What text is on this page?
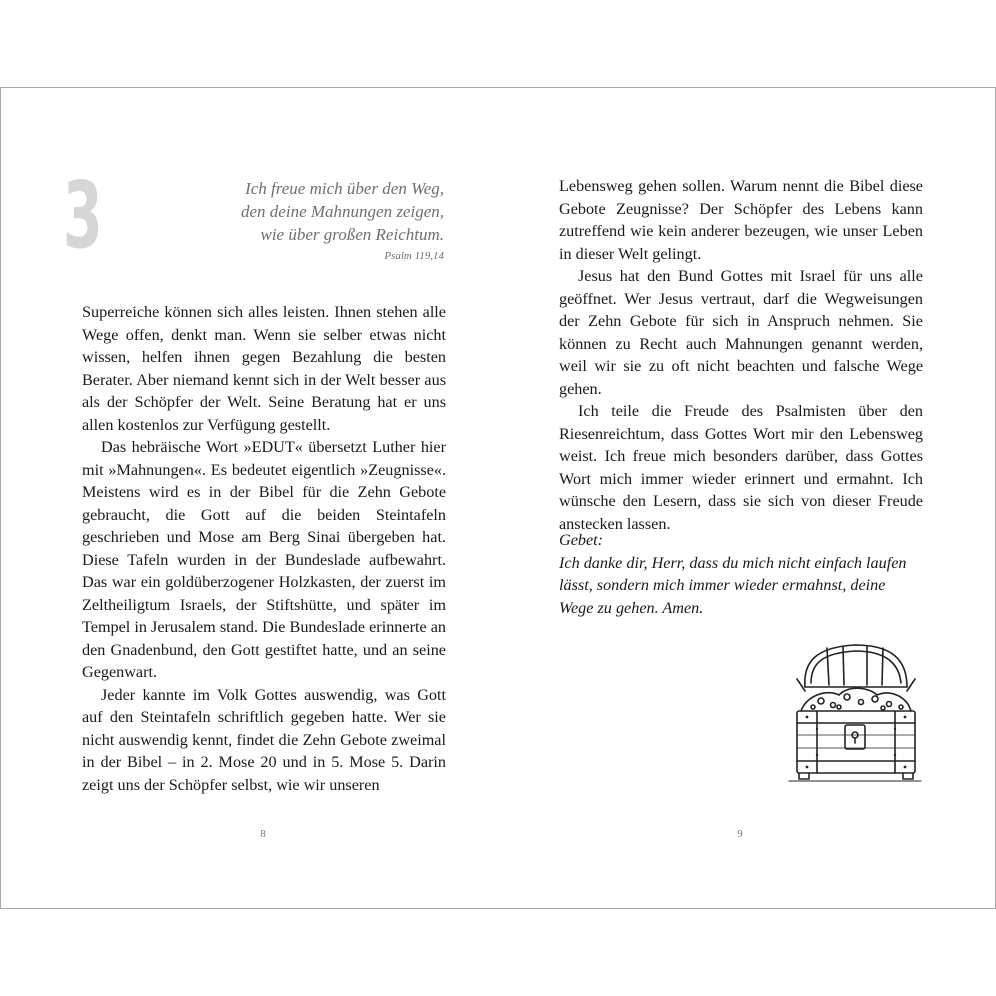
3	Ich freue mich über den Weg,
den deine Mahnungen zeigen,
wie über großen Reichtum.
Psalm 119,14

Superreiche können sich alles leisten. Ihnen stehen alle Wege offen, denkt man. Wenn sie selber etwas nicht wissen, helfen ihnen gegen Bezahlung die besten Berater. Aber niemand kennt sich in der Welt besser aus als der Schöpfer der Welt. Seine Beratung hat er uns allen kostenlos zur Verfügung gestellt.

Das hebräische Wort »EDUT« übersetzt Luther hier mit »Mahnungen«. Es bedeutet eigentlich »Zeugnisse«. Meistens wird es in der Bibel für die Zehn Gebote gebraucht, die Gott auf die beiden Steintafeln geschrieben und Mose am Berg Sinai übergeben hat. Diese Tafeln wurden in der Bundeslade aufbewahrt. Das war ein goldüberzogener Holzkasten, der zuerst im Zeltheiligtum Israels, der Stiftshütte, und später im Tempel in Jerusalem stand. Die Bundeslade erinnerte an den Gnadenbund, den Gott gestiftet hatte, und an seine Gegenwart.

Jeder kannte im Volk Gottes auswendig, was Gott auf den Steintafeln schriftlich gegeben hatte. Wer sie nicht auswendig kennt, findet die Zehn Gebote zweimal in der Bibel – in 2. Mose 20 und in 5. Mose 5. Darin zeigt uns der Schöpfer selbst, wie wir unseren

8

Lebensweg gehen sollen. Warum nennt die Bibel diese Gebote Zeugnisse? Der Schöpfer des Lebens kann zutreffend wie kein anderer bezeugen, wie unser Leben in dieser Welt gelingt.

Jesus hat den Bund Gottes mit Israel für uns alle geöffnet. Wer Jesus vertraut, darf die Wegweisungen der Zehn Gebote für sich in Anspruch nehmen. Sie können zu Recht auch Mahnungen genannt werden, weil wir sie zu oft nicht beachten und falsche Wege gehen.

Ich teile die Freude des Psalmisten über den Riesenreichtum, dass Gottes Wort mir den Lebensweg weist. Ich freue mich besonders darüber, dass Gottes Wort mich immer wieder erinnert und ermahnt. Ich wünsche den Lesern, dass sie sich von dieser Freude anstecken lassen.

Gebet:
Ich danke dir, Herr, dass du mich nicht einfach laufen lässt, sondern mich immer wieder ermahnst, deine Wege zu gehen. Amen.
9
